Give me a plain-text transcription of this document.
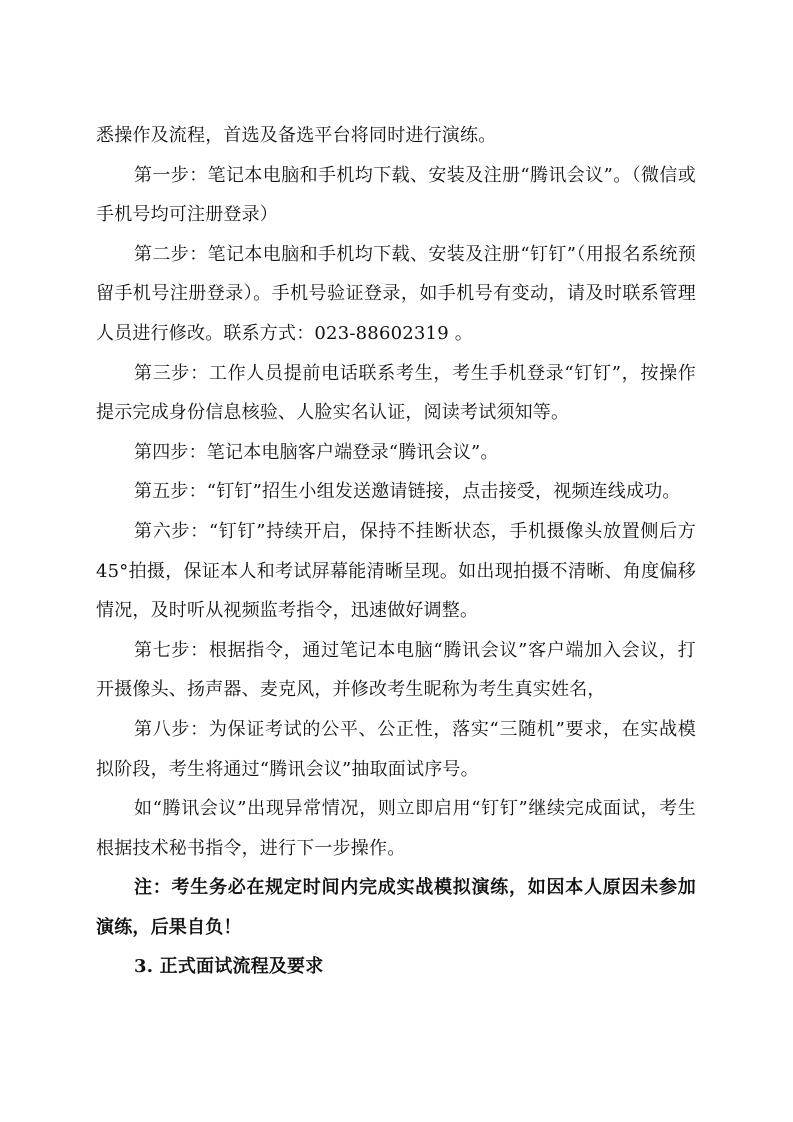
悉操作及流程，首选及备选平台将同时进行演练。

第一步：笔记本电脑和手机均下载、安装及注册“腾讯会议”。（微信或手机号均可注册登录）

第二步：笔记本电脑和手机均下载、安装及注册“钉钉”（用报名系统预留手机号注册登录）。手机号验证登录，如手机号有变动，请及时联系管理人员进行修改。联系方式：023-88602319 。

第三步：工作人员提前电话联系考生，考生手机登录“钉钉”，按操作提示完成身份信息核验、人脸实名认证，阅读考试须知等。

第四步：笔记本电脑客户端登录“腾讯会议”。

第五步：“钉钉”招生小组发送邀请链接，点击接受，视频连线成功。

第六步：“钉钉”持续开启，保持不挂断状态，手机摄像头放置侧后方 45°拍摄，保证本人和考试屏幕能清晰呈现。如出现拍摄不清晰、角度偏移情况，及时听从视频监考指令，迅速做好调整。

第七步：根据指令，通过笔记本电脑“腾讯会议”客户端加入会议，打开摄像头、扬声器、麦克风，并修改考生昵称为考生真实姓名，

第八步：为保证考试的公平、公正性，落实“三随机”要求，在实战模拟阶段，考生将通过“腾讯会议”抽取面试序号。

如“腾讯会议”出现异常情况，则立即启用“钉钉”继续完成面试，考生根据技术秘书指令，进行下一步操作。

注：考生务必在规定时间内完成实战模拟演练，如因本人原因未参加演练，后果自负！

3. 正式面试流程及要求
